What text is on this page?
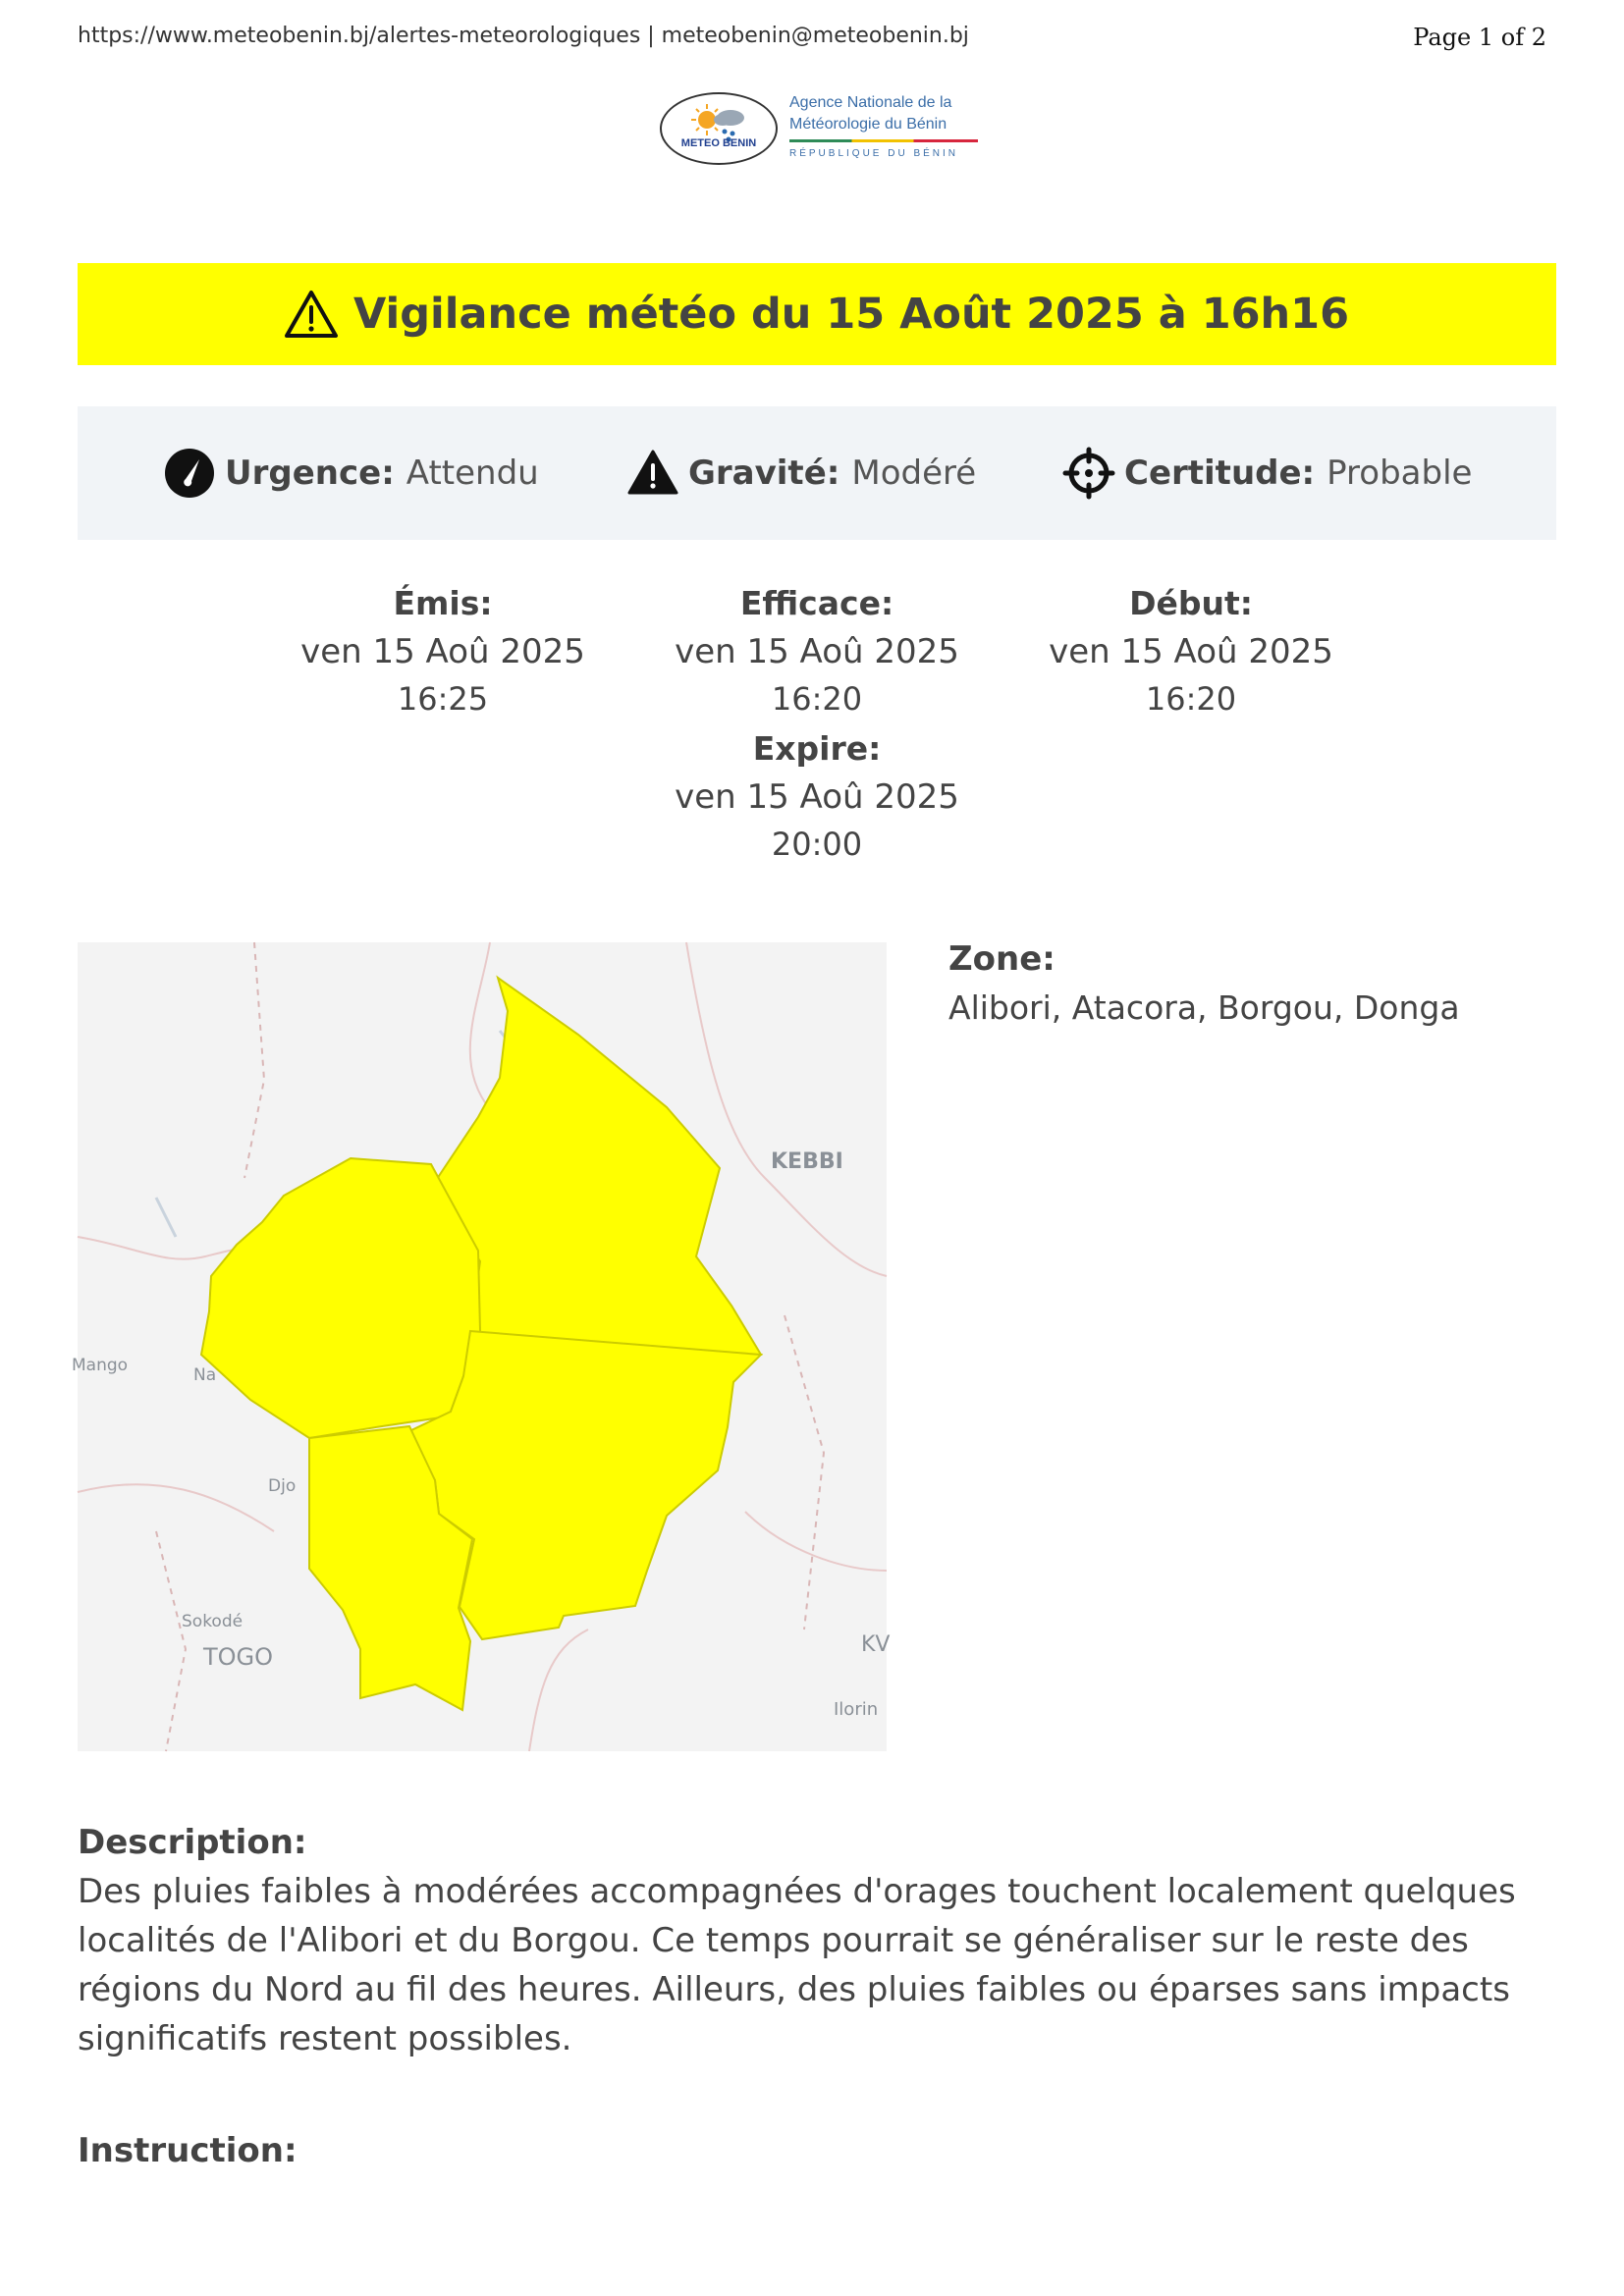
https://www.meteobenin.bj/alertes-meteorologiques | meteobenin@meteobenin.bj	Page 1 of 2
METEO BENIN
Agence Nationale de la
Météorologie du Bénin
RÉPUBLIQUE DU BÉNIN
Vigilance météo du 15 Août 2025 à 16h16
Urgence: Attendu	Gravité: Modéré	Certitude: Probable
Émis:
ven 15 Aoû 2025
16:25
Efficace:
ven 15 Aoû 2025
16:20
Début:
ven 15 Aoû 2025
16:20
Expire:
ven 15 Aoû 2025
20:00
KEBBI
Mango	Na
Djo
Sokodé
TOGO	KV
Ilorin
Zone:
Alibori, Atacora, Borgou, Donga
Description:
Des pluies faibles à modérées accompagnées d'orages touchent localement quelques
localités de l'Alibori et du Borgou. Ce temps pourrait se généraliser sur le reste des
régions du Nord au fil des heures. Ailleurs, des pluies faibles ou éparses sans impacts
significatifs restent possibles.
Instruction:
